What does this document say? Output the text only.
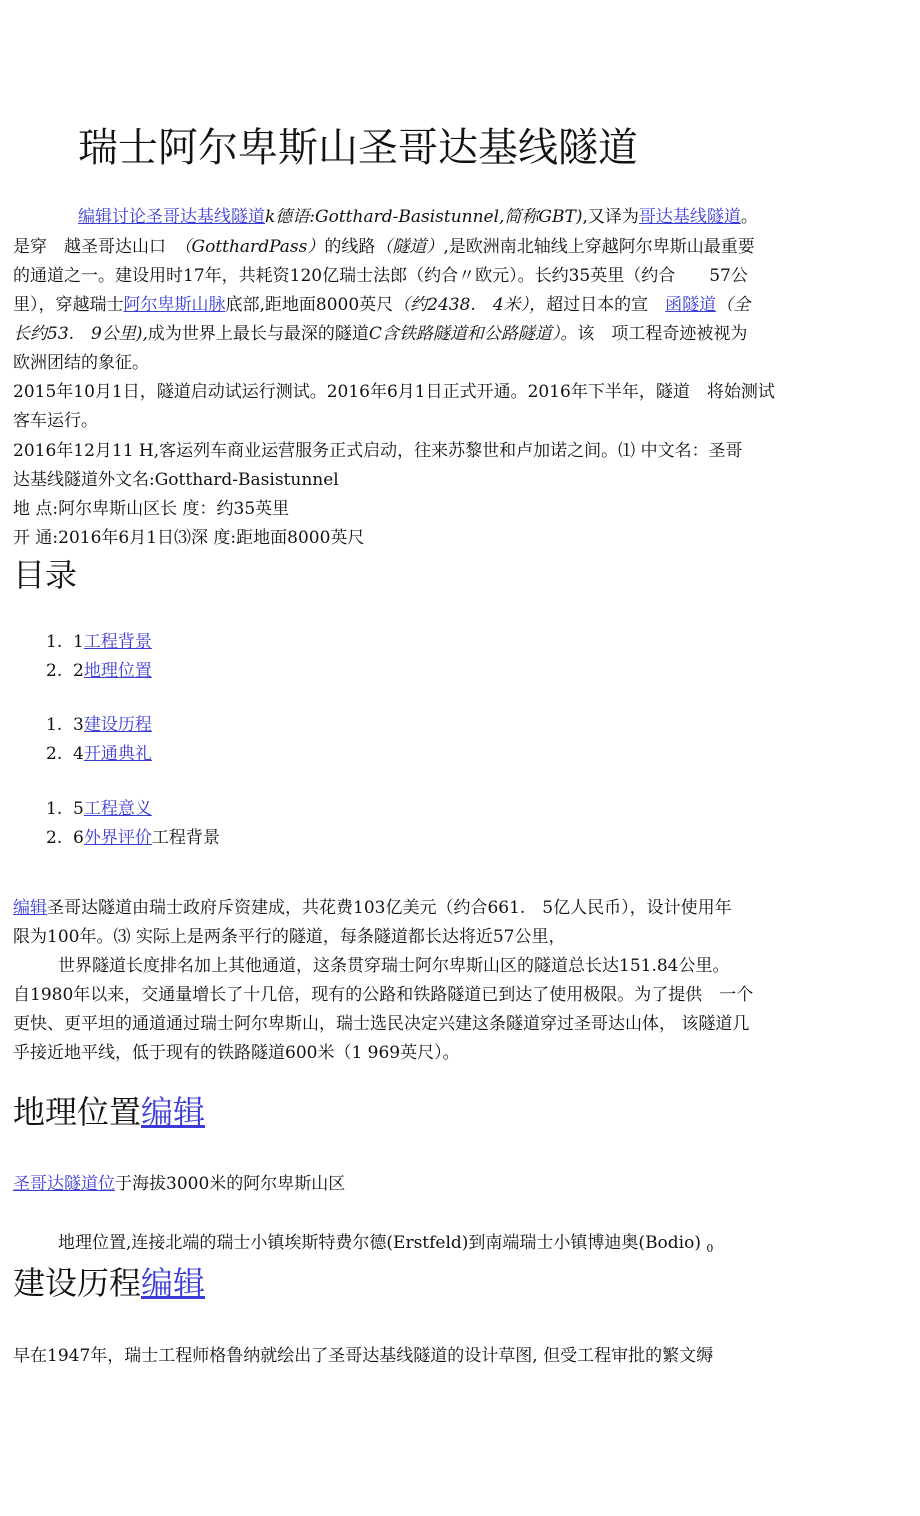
瑞士阿尔卑斯山圣哥达基线隧道
编辑讨论圣哥达基线隧道k德语:Gotthard-Basistunnel,简称GBT),又译为哥达基线隧道。
是穿　越圣哥达山口　（GotthardPass）的线路（隧道）,是欧洲南北轴线上穿越阿尔卑斯山最重要
的通道之一。建设用时17年，共耗资120亿瑞士法郎（约合〃欧元）。长约35英里（约合　　57公
里），穿越瑞士阿尔卑斯山脉底部,距地面8000英尺（约2438.　4米），超过日本的宣　函隧道（全
长约53.　9公里),成为世界上最长与最深的隧道C含铁路隧道和公路隧道）。该　项工程奇迹被视为
欧洲团结的象征。
2015年10月1日，隧道启动试运行测试。2016年6月1日正式开通。2016年下半年，隧道　将始测试
客车运行。
2016年12月11 H,客运列车商业运营服务正式启动，往来苏黎世和卢加诺之间。⑴ 中文名：圣哥
达基线隧道外文名:Gotthard-Basistunnel
地 点:阿尔卑斯山区长 度：约35英里
开 通:2016年6月1日⑶深 度:距地面8000英尺
目录
1. 1工程背景
2. 2地理位置
1. 3建设历程
2. 4开通典礼
1. 5工程意义
2. 6外界评价工程背景
编辑圣哥达隧道由瑞士政府斥资建成，共花费103亿美元（约合661.　5亿人民币），设计使用年
限为100年。⑶ 实际上是两条平行的隧道，每条隧道都长达将近57公里，
世界隧道长度排名加上其他通道，这条贯穿瑞士阿尔卑斯山区的隧道总长达151.84公里。
自1980年以来，交通量增长了十几倍，现有的公路和铁路隧道已到达了使用极限。为了提供　一个
更快、更平坦的通道通过瑞士阿尔卑斯山，瑞士选民决定兴建这条隧道穿过圣哥达山体， 该隧道几
乎接近地平线，低于现有的铁路隧道600米（1 969英尺）。
地理位置编辑
圣哥达隧道位于海拔3000米的阿尔卑斯山区
地理位置,连接北端的瑞士小镇埃斯特费尔德(Erstfeld)到南端瑞士小镇博迪奥(Bodio) $_0$
建设历程编辑
早在1947年，瑞士工程师格鲁纳就绘出了圣哥达基线隧道的设计草图, 但受工程审批的繁文缛
